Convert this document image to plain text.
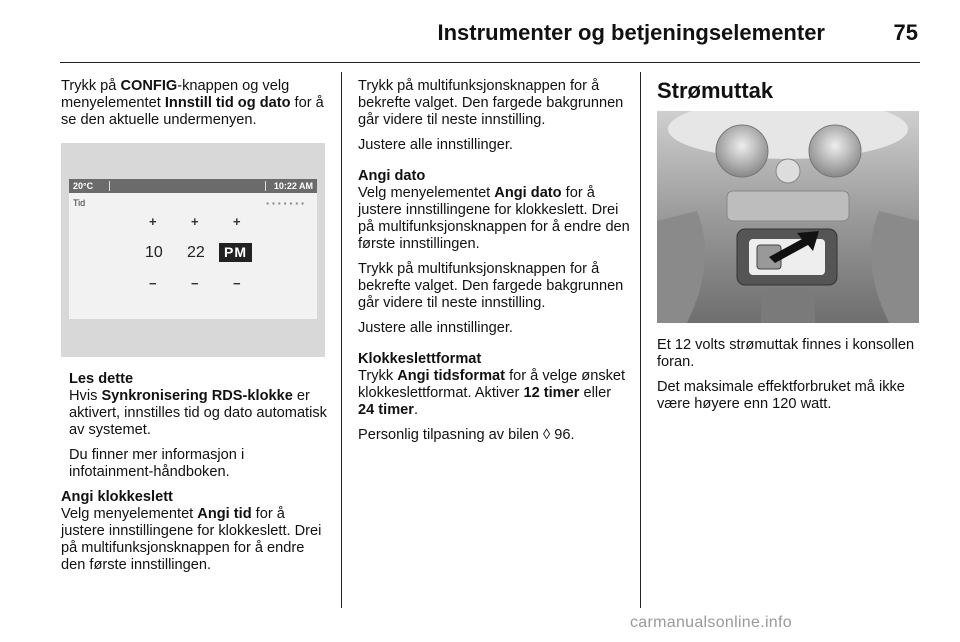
Instrumenter og betjeningselementer	75

Trykk på CONFIG-knappen og velg menyelementet Innstill tid og dato for å se den aktuelle undermenyen.

20°C	10:22 AM
Tid	▪▪▪▪▪▪▪
+	+	+
10 22	PM
−	−	−
Les dette

Hvis Synkronisering RDS-klokke er aktivert, innstilles tid og dato automatisk av systemet.

Du finner mer informasjon i infotainment-håndboken.

Angi klokkeslett

Velg menyelementet Angi tid for å justere innstillingene for klokkeslett. Drei på multifunksjonsknappen for å endre den første innstillingen.

Trykk på multifunksjonsknappen for å bekrefte valget. Den fargede bakgrunnen går videre til neste innstilling.

Justere alle innstillinger.

Angi dato

Velg menyelementet Angi dato for å justere innstillingene for klokkeslett. Drei på multifunksjonsknappen for å endre den første innstillingen.

Trykk på multifunksjonsknappen for å bekrefte valget. Den fargede bakgrunnen går videre til neste innstilling.

Justere alle innstillinger.

Klokkeslettformat

Trykk Angi tidsformat for å velge ønsket klokkeslettformat. Aktiver 12 timer eller 24 timer.

Personlig tilpasning av bilen ◊ 96.

Strømuttak

Et 12 volts strømuttak finnes i konsollen foran.

Det maksimale effektforbruket må ikke være høyere enn 120 watt.

carmanualsonline.info
